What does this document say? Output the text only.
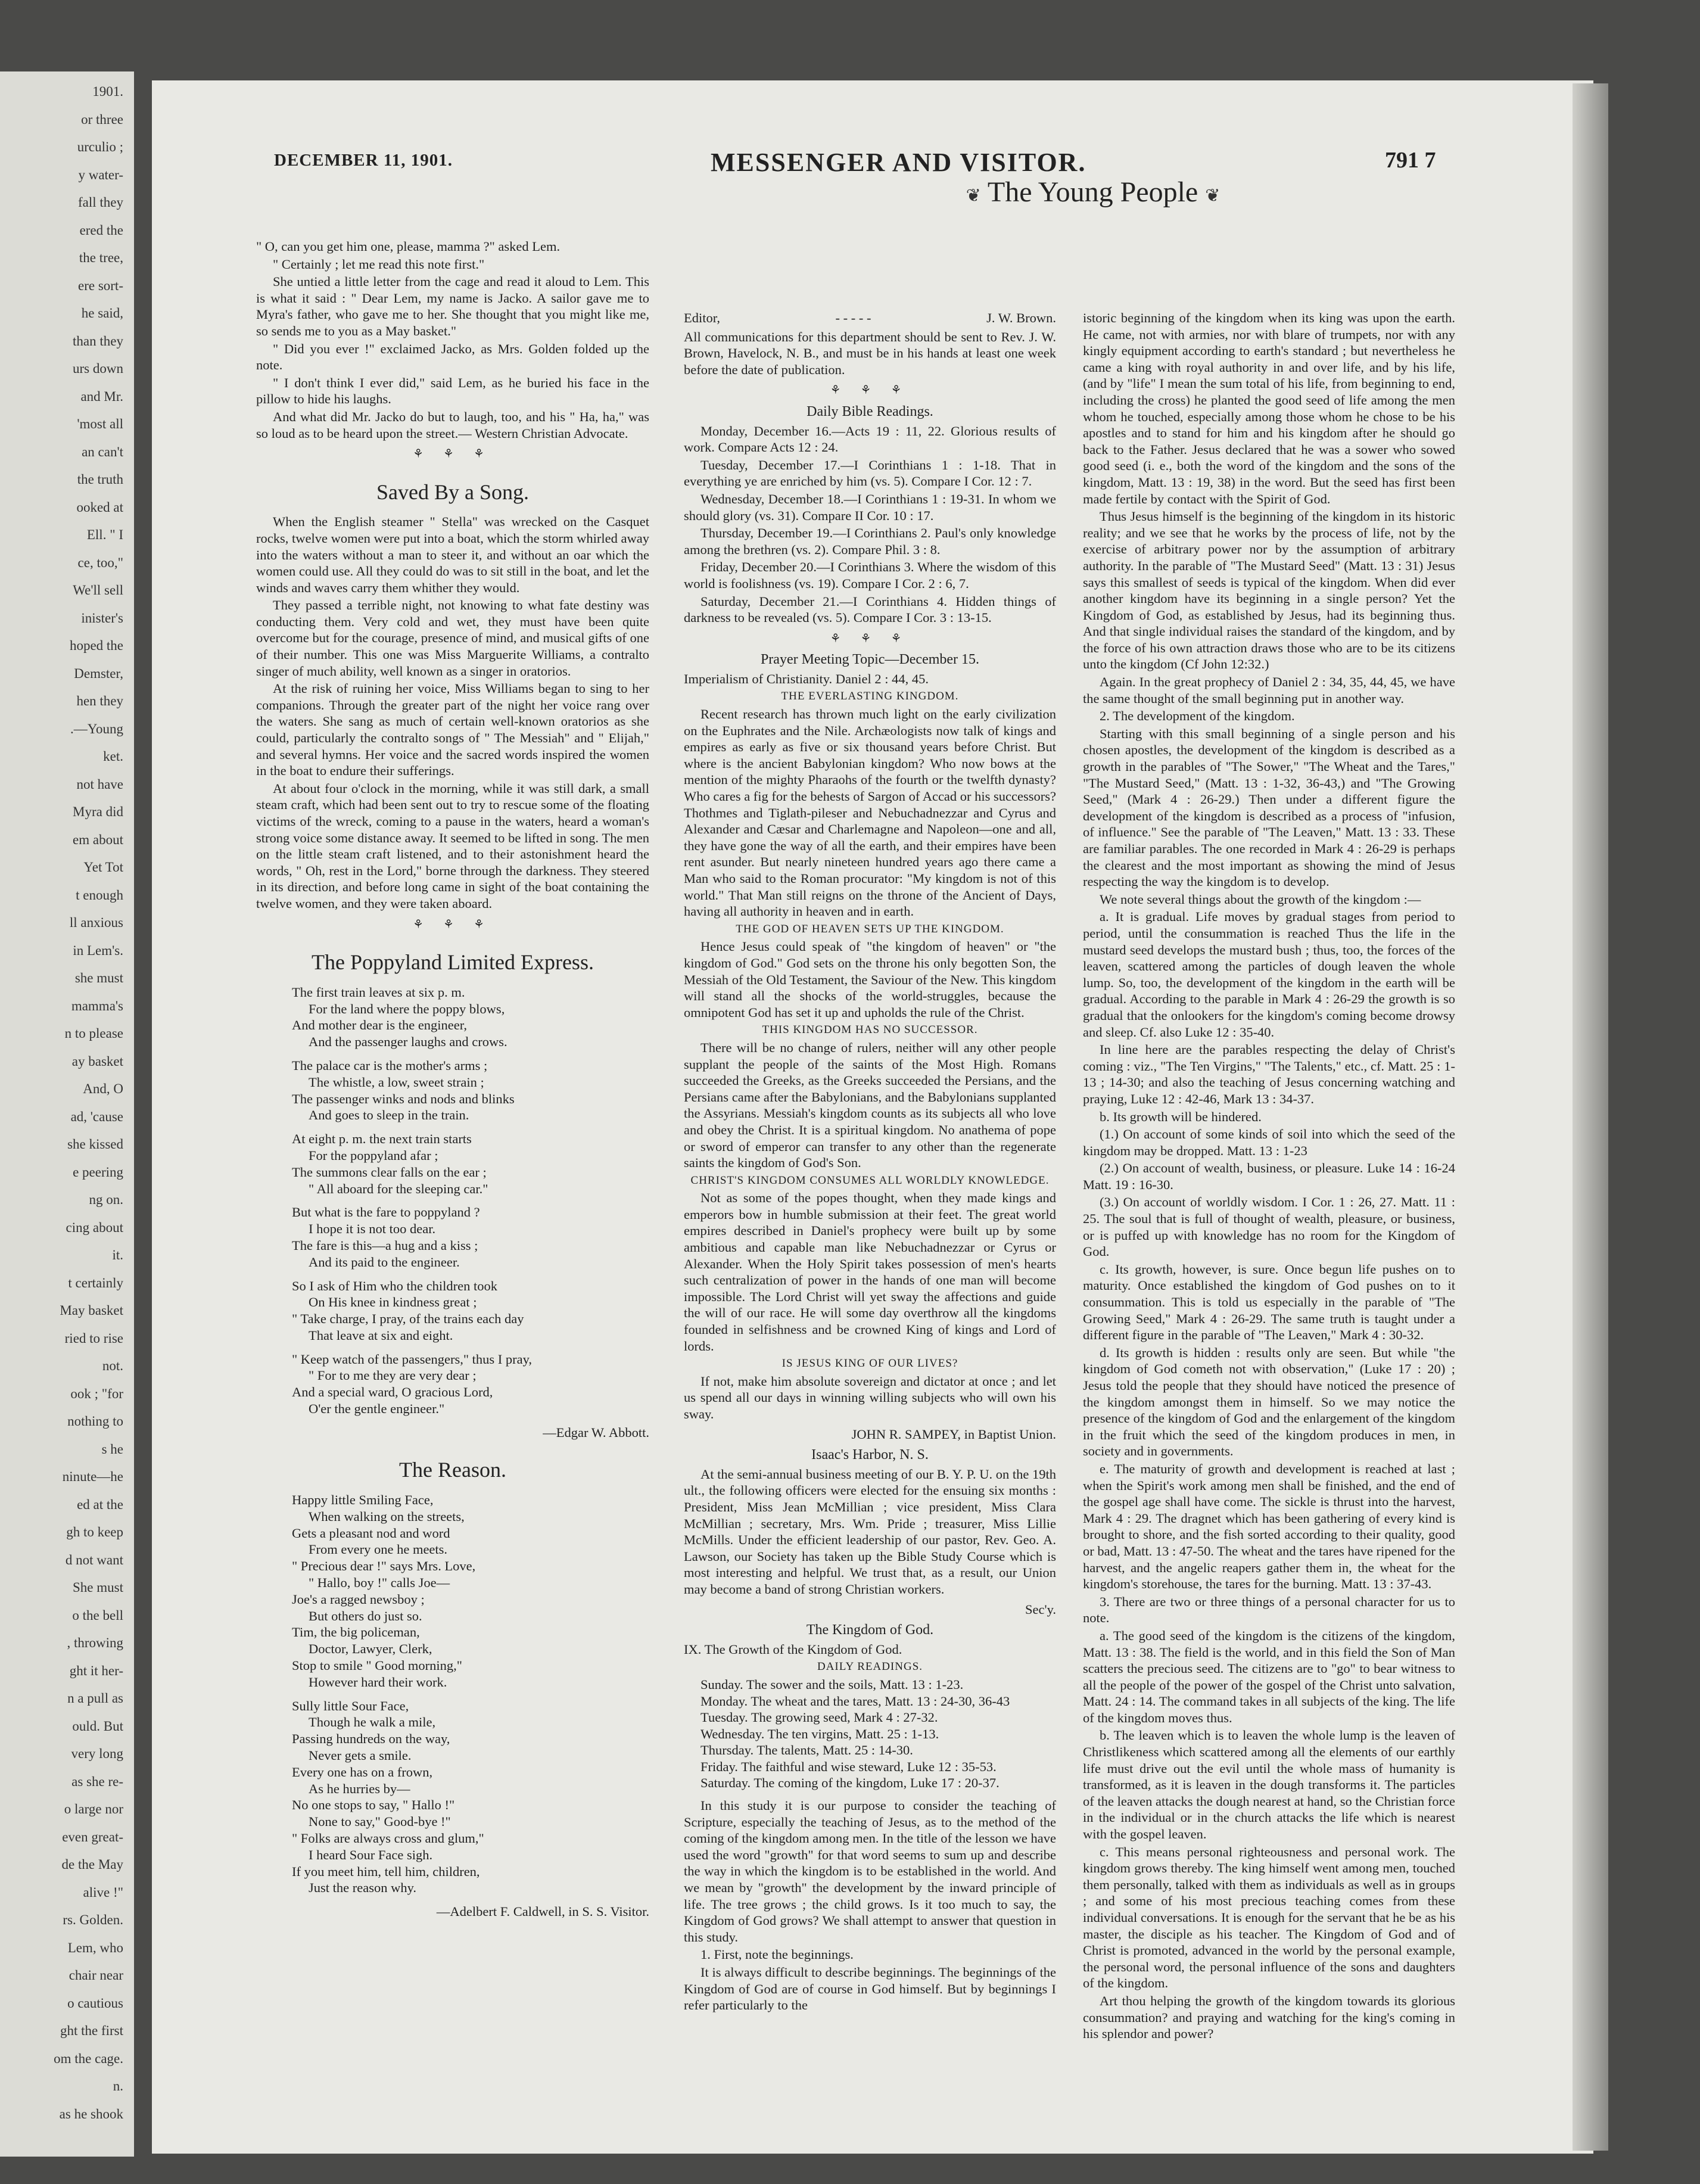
1901.
or three
urculio ;
y water-
fall they
ered the
the tree,
ere sort-
he said,
than they
urs down
and Mr.
'most all
an can't
the truth
ooked at
Ell. " I
ce, too,"
We'll sell
inister's
hoped the
Demster,
hen they
.—Young
ket.
not have
Myra did
em about
Yet Tot
t enough
ll anxious
in Lem's.
she must
mamma's
n to please
ay basket
And, O
ad, 'cause
she kissed
e peering
ng on.
cing about
it.
t certainly
May basket
ried to rise
not.
ook ; "for
nothing to
s he
ninute—he
ed at the
gh to keep
d not want
She must
o the bell
, throwing
ght it her-
n a pull as
ould. But
very long
as she re-
o large nor
even great-
de the May
alive !"
rs. Golden.
Lem, who
chair near
o cautious
ght the first
om the cage.
n.
as he shook
DECEMBER 11, 1901.	MESSENGER AND VISITOR.	791 7

" O, can you get him one, please, mamma ?" asked Lem.

" Certainly ; let me read this note first."

She untied a little letter from the cage and read it aloud to Lem. This is what it said : " Dear Lem, my name is Jacko. A sailor gave me to Myra's father, who gave me to her. She thought that you might like me, so sends me to you as a May basket."

" Did you ever !" exclaimed Jacko, as Mrs. Golden folded up the note.

" I don't think I ever did," said Lem, as he buried his face in the pillow to hide his laughs.

And what did Mr. Jacko do but to laugh, too, and his " Ha, ha," was so loud as to be heard upon the street.— Western Christian Advocate.

⚘ ⚘ ⚘
Saved By a Song.

When the English steamer " Stella" was wrecked on the Casquet rocks, twelve women were put into a boat, which the storm whirled away into the waters without a man to steer it, and without an oar which the women could use. All they could do was to sit still in the boat, and let the winds and waves carry them whither they would.

They passed a terrible night, not knowing to what fate destiny was conducting them. Very cold and wet, they must have been quite overcome but for the courage, presence of mind, and musical gifts of one of their number. This one was Miss Marguerite Williams, a contralto singer of much ability, well known as a singer in oratorios.

At the risk of ruining her voice, Miss Williams began to sing to her companions. Through the greater part of the night her voice rang over the waters. She sang as much of certain well-known oratorios as she could, particularly the contralto songs of " The Messiah" and " Elijah," and several hymns. Her voice and the sacred words inspired the women in the boat to endure their sufferings.

At about four o'clock in the morning, while it was still dark, a small steam craft, which had been sent out to try to rescue some of the floating victims of the wreck, coming to a pause in the waters, heard a woman's strong voice some distance away. It seemed to be lifted in song. The men on the little steam craft listened, and to their astonishment heard the words, " Oh, rest in the Lord," borne through the darkness. They steered in its direction, and before long came in sight of the boat containing the twelve women, and they were taken aboard.

⚘ ⚘ ⚘
The Poppyland Limited Express.
The first train leaves at six p. m.
For the land where the poppy blows,
And mother dear is the engineer,
And the passenger laughs and crows.
The palace car is the mother's arms ;
The whistle, a low, sweet strain ;
The passenger winks and nods and blinks
And goes to sleep in the train.
At eight p. m. the next train starts
For the poppyland afar ;
The summons clear falls on the ear ;
" All aboard for the sleeping car."
But what is the fare to poppyland ?
I hope it is not too dear.
The fare is this—a hug and a kiss ;
And its paid to the engineer.
So I ask of Him who the children took
On His knee in kindness great ;
" Take charge, I pray, of the trains each day
That leave at six and eight.
" Keep watch of the passengers," thus I pray,
" For to me they are very dear ;
And a special ward, O gracious Lord,
O'er the gentle engineer."
—Edgar W. Abbott.
The Reason.
Happy little Smiling Face,
When walking on the streets,
Gets a pleasant nod and word
From every one he meets.
" Precious dear !" says Mrs. Love,
" Hallo, boy !" calls Joe—
Joe's a ragged newsboy ;
But others do just so.
Tim, the big policeman,
Doctor, Lawyer, Clerk,
Stop to smile " Good morning,"
However hard their work.
Sully little Sour Face,
Though he walk a mile,
Passing hundreds on the way,
Never gets a smile.
Every one has on a frown,
As he hurries by—
No one stops to say, " Hallo !"
None to say," Good-bye !"
" Folks are always cross and glum,"
I heard Sour Face sigh.
If you meet him, tell him, children,
Just the reason why.
—Adelbert F. Caldwell, in S. S. Visitor.
❦ The Young People ❦
Editor,	- - - - -	J. W. Brown.

All communications for this department should be sent to Rev. J. W. Brown, Havelock, N. B., and must be in his hands at least one week before the date of publication.

⚘ ⚘ ⚘
Daily Bible Readings.

Monday, December 16.—Acts 19 : 11, 22. Glorious results of work. Compare Acts 12 : 24.

Tuesday, December 17.—I Corinthians 1 : 1-18. That in everything ye are enriched by him (vs. 5). Compare I Cor. 12 : 7.

Wednesday, December 18.—I Corinthians 1 : 19-31. In whom we should glory (vs. 31). Compare II Cor. 10 : 17.

Thursday, December 19.—I Corinthians 2. Paul's only knowledge among the brethren (vs. 2). Compare Phil. 3 : 8.

Friday, December 20.—I Corinthians 3. Where the wisdom of this world is foolishness (vs. 19). Compare I Cor. 2 : 6, 7.

Saturday, December 21.—I Corinthians 4. Hidden things of darkness to be revealed (vs. 5). Compare I Cor. 3 : 13-15.

⚘ ⚘ ⚘
Prayer Meeting Topic—December 15.

Imperialism of Christianity. Daniel 2 : 44, 45.

THE EVERLASTING KINGDOM.

Recent research has thrown much light on the early civilization on the Euphrates and the Nile. Archæologists now talk of kings and empires as early as five or six thousand years before Christ. But where is the ancient Babylonian kingdom? Who now bows at the mention of the mighty Pharaohs of the fourth or the twelfth dynasty? Who cares a fig for the behests of Sargon of Accad or his successors? Thothmes and Tiglath-pileser and Nebuchadnezzar and Cyrus and Alexander and Cæsar and Charlemagne and Napoleon—one and all, they have gone the way of all the earth, and their empires have been rent asunder. But nearly nineteen hundred years ago there came a Man who said to the Roman procurator: "My kingdom is not of this world." That Man still reigns on the throne of the Ancient of Days, having all authority in heaven and in earth.

THE GOD OF HEAVEN SETS UP THE KINGDOM.

Hence Jesus could speak of "the kingdom of heaven" or "the kingdom of God." God sets on the throne his only begotten Son, the Messiah of the Old Testament, the Saviour of the New. This kingdom will stand all the shocks of the world-struggles, because the omnipotent God has set it up and upholds the rule of the Christ.

THIS KINGDOM HAS NO SUCCESSOR.

There will be no change of rulers, neither will any other people supplant the people of the saints of the Most High. Romans succeeded the Greeks, as the Greeks succeeded the Persians, and the Persians came after the Babylonians, and the Babylonians supplanted the Assyrians. Messiah's kingdom counts as its subjects all who love and obey the Christ. It is a spiritual kingdom. No anathema of pope or sword of emperor can transfer to any other than the regenerate saints the kingdom of God's Son.

CHRIST'S KINGDOM CONSUMES ALL WORLDLY KNOWLEDGE.

Not as some of the popes thought, when they made kings and emperors bow in humble submission at their feet. The great world empires described in Daniel's prophecy were built up by some ambitious and capable man like Nebuchadnezzar or Cyrus or Alexander. When the Holy Spirit takes possession of men's hearts such centralization of power in the hands of one man will become impossible. The Lord Christ will yet sway the affections and guide the will of our race. He will some day overthrow all the kingdoms founded in selfishness and be crowned King of kings and Lord of lords.

IS JESUS KING OF OUR LIVES?

If not, make him absolute sovereign and dictator at once ; and let us spend all our days in winning willing subjects who will own his sway.

JOHN R. SAMPEY, in Baptist Union.
Isaac's Harbor, N. S.

At the semi-annual business meeting of our B. Y. P. U. on the 19th ult., the following officers were elected for the ensuing six months : President, Miss Jean McMillian ; vice president, Miss Clara McMillian ; secretary, Mrs. Wm. Pride ; treasurer, Miss Lillie McMills. Under the efficient leadership of our pastor, Rev. Geo. A. Lawson, our Society has taken up the Bible Study Course which is most interesting and helpful. We trust that, as a result, our Union may become a band of strong Christian workers.

Sec'y.
The Kingdom of God.

IX. The Growth of the Kingdom of God.

DAILY READINGS.
Sunday. The sower and the soils, Matt. 13 : 1-23.
Monday. The wheat and the tares, Matt. 13 : 24-30, 36-43
Tuesday. The growing seed, Mark 4 : 27-32.
Wednesday. The ten virgins, Matt. 25 : 1-13.
Thursday. The talents, Matt. 25 : 14-30.
Friday. The faithful and wise steward, Luke 12 : 35-53.
Saturday. The coming of the kingdom, Luke 17 : 20-37.

In this study it is our purpose to consider the teaching of Scripture, especially the teaching of Jesus, as to the method of the coming of the kingdom among men. In the title of the lesson we have used the word "growth" for that word seems to sum up and describe the way in which the kingdom is to be established in the world. And we mean by "growth" the development by the inward principle of life. The tree grows ; the child grows. Is it too much to say, the Kingdom of God grows? We shall attempt to answer that question in this study.

1. First, note the beginnings.

It is always difficult to describe beginnings. The beginnings of the Kingdom of God are of course in God himself. But by beginnings I refer particularly to the

istoric beginning of the kingdom when its king was upon the earth. He came, not with armies, nor with blare of trumpets, nor with any kingly equipment according to earth's standard ; but nevertheless he came a king with royal authority in and over life, and by his life, (and by "life" I mean the sum total of his life, from beginning to end, including the cross) he planted the good seed of life among the men whom he touched, especially among those whom he chose to be his apostles and to stand for him and his kingdom after he should go back to the Father. Jesus declared that he was a sower who sowed good seed (i. e., both the word of the kingdom and the sons of the kingdom, Matt. 13 : 19, 38) in the word. But the seed has first been made fertile by contact with the Spirit of God.

Thus Jesus himself is the beginning of the kingdom in its historic reality; and we see that he works by the process of life, not by the exercise of arbitrary power nor by the assumption of arbitrary authority. In the parable of "The Mustard Seed" (Matt. 13 : 31) Jesus says this smallest of seeds is typical of the kingdom. When did ever another kingdom have its beginning in a single person? Yet the Kingdom of God, as established by Jesus, had its beginning thus. And that single individual raises the standard of the kingdom, and by the force of his own attraction draws those who are to be its citizens unto the kingdom (Cf John 12:32.)

Again. In the great prophecy of Daniel 2 : 34, 35, 44, 45, we have the same thought of the small beginning put in another way.

2. The development of the kingdom.

Starting with this small beginning of a single person and his chosen apostles, the development of the kingdom is described as a growth in the parables of "The Sower," "The Wheat and the Tares," "The Mustard Seed," (Matt. 13 : 1-32, 36-43,) and "The Growing Seed," (Mark 4 : 26-29.) Then under a different figure the development of the kingdom is described as a process of "infusion, of influence." See the parable of "The Leaven," Matt. 13 : 33. These are familiar parables. The one recorded in Mark 4 : 26-29 is perhaps the clearest and the most important as showing the mind of Jesus respecting the way the kingdom is to develop.

We note several things about the growth of the kingdom :—

a. It is gradual. Life moves by gradual stages from period to period, until the consummation is reached Thus the life in the mustard seed develops the mustard bush ; thus, too, the forces of the leaven, scattered among the particles of dough leaven the whole lump. So, too, the development of the kingdom in the earth will be gradual. According to the parable in Mark 4 : 26-29 the growth is so gradual that the onlookers for the kingdom's coming become drowsy and sleep. Cf. also Luke 12 : 35-40.

In line here are the parables respecting the delay of Christ's coming : viz., "The Ten Virgins," "The Talents," etc., cf. Matt. 25 : 1-13 ; 14-30; and also the teaching of Jesus concerning watching and praying, Luke 12 : 42-46, Mark 13 : 34-37.

b. Its growth will be hindered.

(1.) On account of some kinds of soil into which the seed of the kingdom may be dropped. Matt. 13 : 1-23

(2.) On account of wealth, business, or pleasure. Luke 14 : 16-24 Matt. 19 : 16-30.

(3.) On account of worldly wisdom. I Cor. 1 : 26, 27. Matt. 11 : 25. The soul that is full of thought of wealth, pleasure, or business, or is puffed up with knowledge has no room for the Kingdom of God.

c. Its growth, however, is sure. Once begun life pushes on to maturity. Once established the kingdom of God pushes on to it consummation. This is told us especially in the parable of "The Growing Seed," Mark 4 : 26-29. The same truth is taught under a different figure in the parable of "The Leaven," Mark 4 : 30-32.

d. Its growth is hidden : results only are seen. But while "the kingdom of God cometh not with observation," (Luke 17 : 20) ; Jesus told the people that they should have noticed the presence of the kingdom amongst them in himself. So we may notice the presence of the kingdom of God and the enlargement of the kingdom in the fruit which the seed of the kingdom produces in men, in society and in governments.

e. The maturity of growth and development is reached at last ; when the Spirit's work among men shall be finished, and the end of the gospel age shall have come. The sickle is thrust into the harvest, Mark 4 : 29. The dragnet which has been gathering of every kind is brought to shore, and the fish sorted according to their quality, good or bad, Matt. 13 : 47-50. The wheat and the tares have ripened for the harvest, and the angelic reapers gather them in, the wheat for the kingdom's storehouse, the tares for the burning. Matt. 13 : 37-43.

3. There are two or three things of a personal character for us to note.

a. The good seed of the kingdom is the citizens of the kingdom, Matt. 13 : 38. The field is the world, and in this field the Son of Man scatters the precious seed. The citizens are to "go" to bear witness to all the people of the power of the gospel of the Christ unto salvation, Matt. 24 : 14. The command takes in all subjects of the king. The life of the kingdom moves thus.

b. The leaven which is to leaven the whole lump is the leaven of Christlikeness which scattered among all the elements of our earthly life must drive out the evil until the whole mass of humanity is transformed, as it is leaven in the dough transforms it. The particles of the leaven attacks the dough nearest at hand, so the Christian force in the individual or in the church attacks the life which is nearest with the gospel leaven.

c. This means personal righteousness and personal work. The kingdom grows thereby. The king himself went among men, touched them personally, talked with them as individuals as well as in groups ; and some of his most precious teaching comes from these individual conversations. It is enough for the servant that he be as his master, the disciple as his teacher. The Kingdom of God and of Christ is promoted, advanced in the world by the personal example, the personal word, the personal influence of the sons and daughters of the kingdom.

Art thou helping the growth of the kingdom towards its glorious consummation? and praying and watching for the king's coming in his splendor and power?
